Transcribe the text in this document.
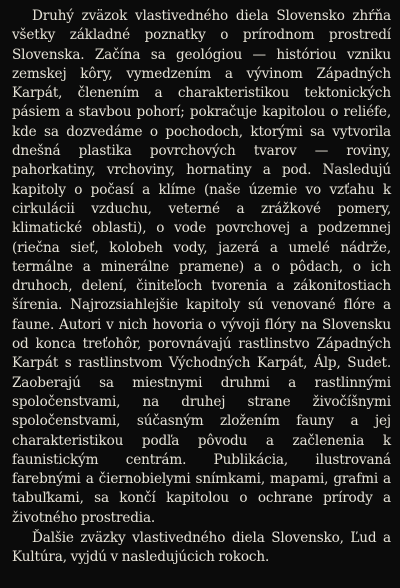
Druhý zväzok vlastivedného diela Slovensko zhŕňa všetky základné poznatky o prírodnom prostredí Slovenska. Začína sa geológiou — históriou vzniku zemskej kôry, vymedzením a vývinom Západných Karpát, členením a charakteristikou tektonických pásiem a stavbou pohorí; pokračuje kapitolou o reliéfe, kde sa dozvedáme o pochodoch, ktorými sa vytvorila dnešná plastika povrchových tvarov — roviny, pahorkatiny, vrchoviny, hornatiny a pod. Nasledujú kapitoly o počasí a klíme (naše územie vo vzťahu k cirkulácii vzduchu, veterné a zrážkové pomery, klimatické oblasti), o vode povrchovej a podzemnej (riečna sieť, kolobeh vody, jazerá a umelé nádrže, termálne a minerálne pramene) a o pôdach, o ich druhoch, delení, činiteľoch tvorenia a zákonitostiach šírenia. Najrozsiahlejšie kapitoly sú venované flóre a faune. Autori v nich hovoria o vývoji flóry na Slovensku od konca treťohôr, porovnávajú rastlinstvo Západných Karpát s rastlinstvom Východných Karpát, Álp, Sudet. Zaoberajú sa miestnymi druhmi a rastlinnými spoločenstvami, na druhej strane živočíšnymi spoločenstvami, súčasným zložením fauny a jej charakteristikou podľa pôvodu a začlenenia k faunistickým centrám. Publikácia, ilustrovaná farebnými a čiernobielymi snímkami, mapami, grafmi a tabuľkami, sa končí kapitolou o ochrane prírody a životného prostredia.

Ďalšie zväzky vlastivedného diela Slovensko, Ľud a Kultúra, vyjdú v nasledujúcich rokoch.
